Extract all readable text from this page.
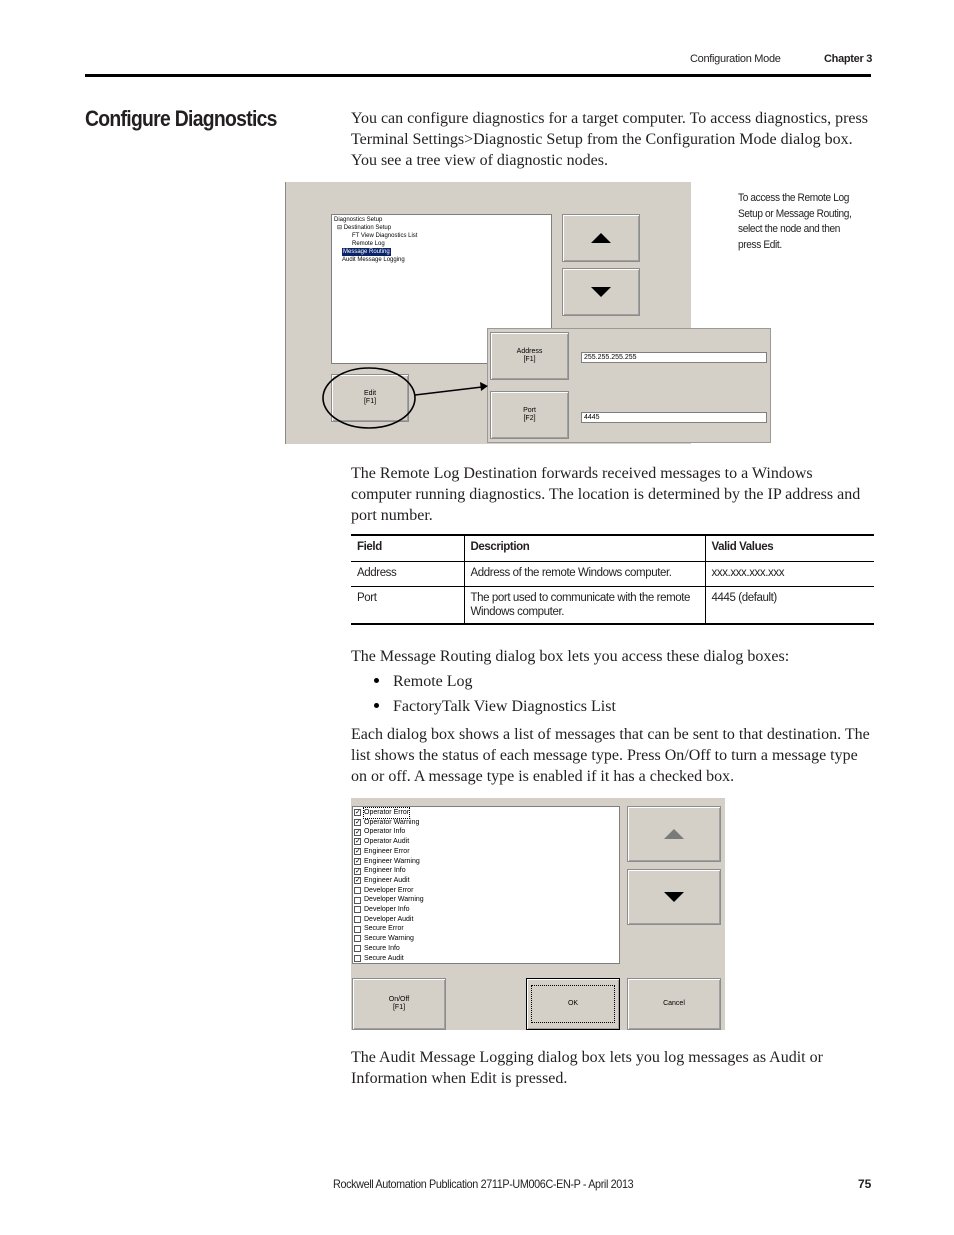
Configuration Mode	Chapter 3
Configure Diagnostics	You can configure diagnostics for a target computer. To access diagnostics, press Terminal Settings>Diagnostic Setup from the Configuration Mode dialog box. You see a tree view of diagnostic nodes.
Diagnostics Setup
⊟ Destination Setup
FT View Diagnostics List
Remote Log
Message Routing
Audit Message Logging
Edit
[F1]
Address
[F1]
Port
[F2]
255.255.255.255
4445
To access the Remote Log Setup or Message Routing, select the node and then press Edit.
The Remote Log Destination forwards received messages to a Windows computer running diagnostics. The location is determined by the IP address and port number.
Field	Description	Valid Values
Address	Address of the remote Windows computer.	xxx.xxx.xxx.xxx
Port	The port used to communicate with the remote Windows computer.	4445 (default)
The Message Routing dialog box lets you access these dialog boxes:
Remote Log
FactoryTalk View Diagnostics List
Each dialog box shows a list of messages that can be sent to that destination. The list shows the status of each message type. Press On/Off to turn a message type on or off. A message type is enabled if it has a checked box.
✓ Operator Error
✓ Operator Warning
✓ Operator Info
✓ Operator Audit
✓ Engineer Error
✓ Engineer Warning
✓ Engineer Info
✓ Engineer Audit
Developer Error
Developer Warning
Developer Info
Developer Audit
Secure Error
Secure Warning
Secure Info
Secure Audit
On/Off
[F1]
OK	Cancel
The Audit Message Logging dialog box lets you log messages as Audit or Information when Edit is pressed.
Rockwell Automation Publication 2711P-UM006C-EN-P - April 2013	75
